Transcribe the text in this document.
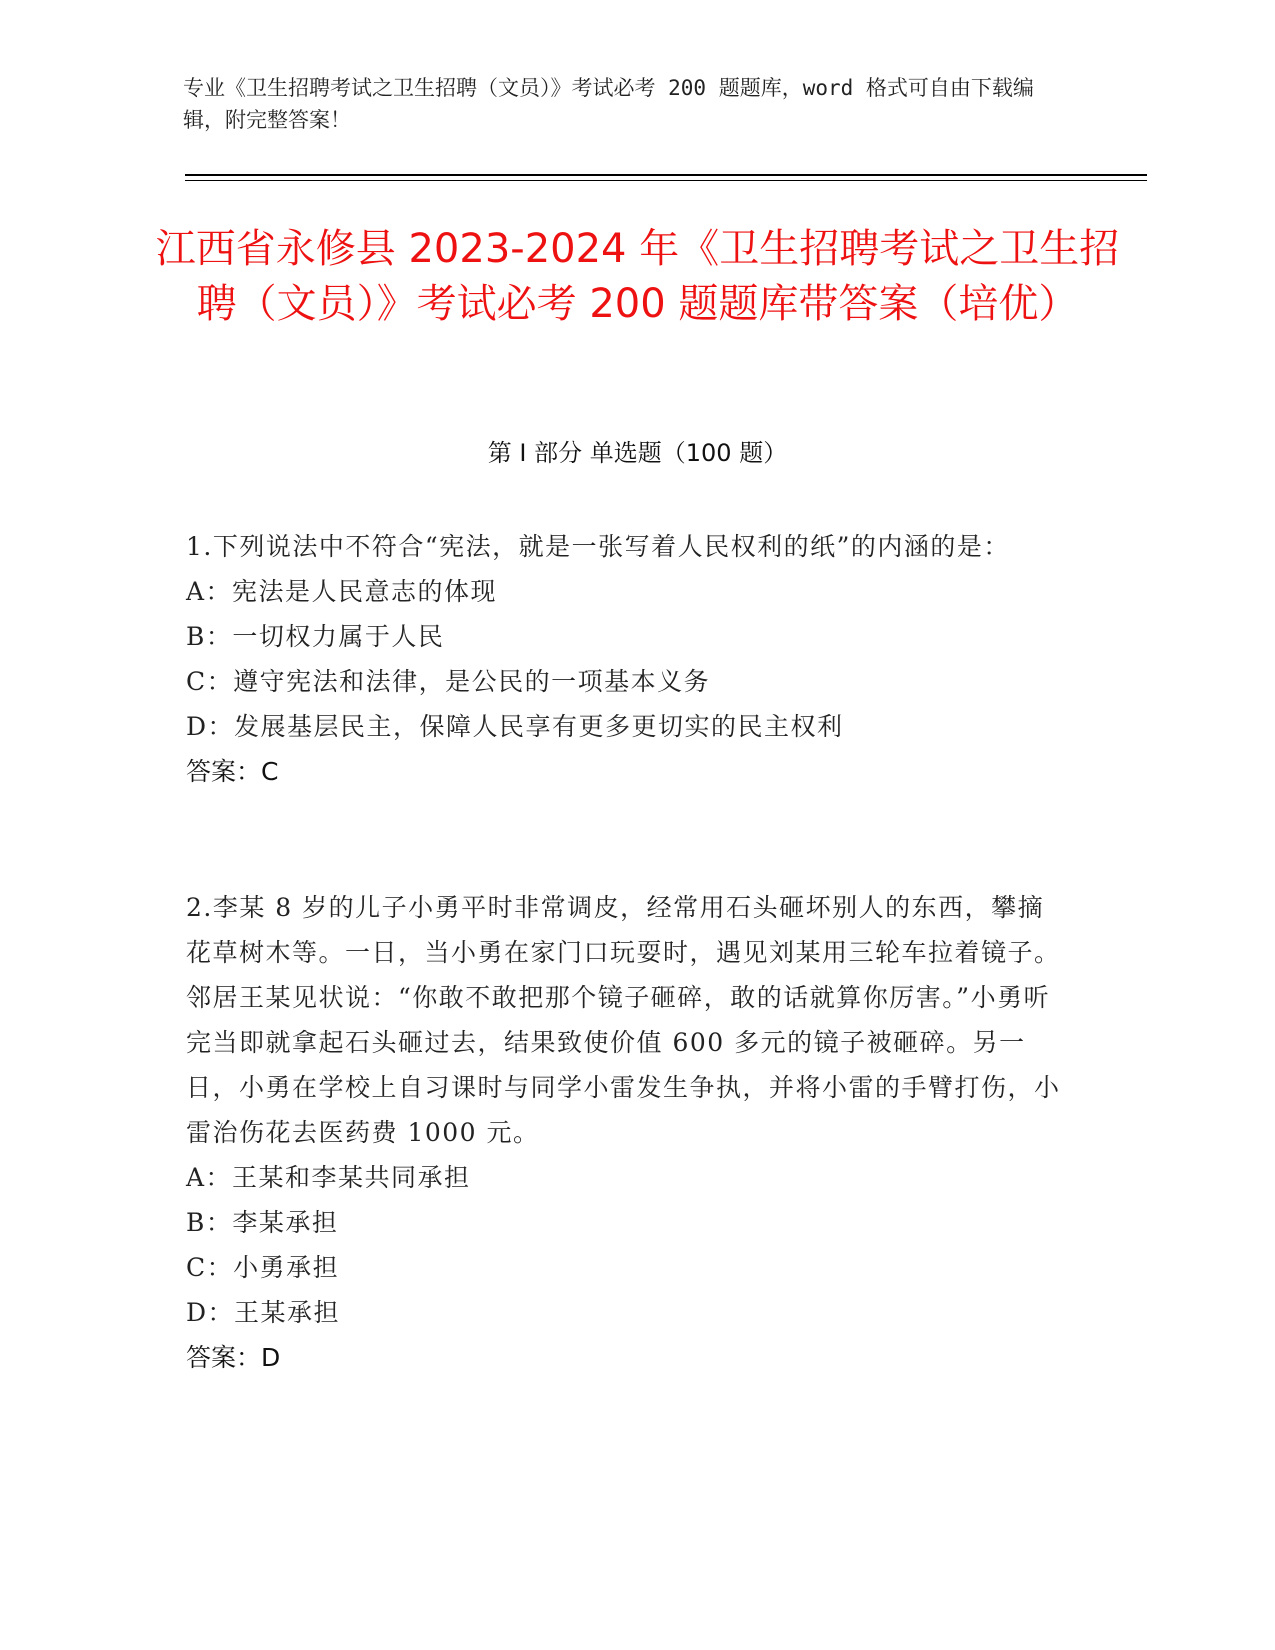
专业《卫生招聘考试之卫生招聘（文员）》考试必考 200 题题库，word 格式可自由下载编辑，附完整答案！
江西省永修县 2023-2024 年《卫生招聘考试之卫生招聘（文员）》考试必考 200 题题库带答案（培优）
第 I 部分 单选题（100 题）
1.下列说法中不符合“宪法，就是一张写着人民权利的纸”的内涵的是：
A：宪法是人民意志的体现
B：一切权力属于人民
C：遵守宪法和法律，是公民的一项基本义务
D：发展基层民主，保障人民享有更多更切实的民主权利
答案：C
2.李某 8 岁的儿子小勇平时非常调皮，经常用石头砸坏别人的东西，攀摘花草树木等。一日，当小勇在家门口玩耍时，遇见刘某用三轮车拉着镜子。邻居王某见状说：“你敢不敢把那个镜子砸碎，敢的话就算你厉害。”小勇听完当即就拿起石头砸过去，结果致使价值 600 多元的镜子被砸碎。另一日，小勇在学校上自习课时与同学小雷发生争执，并将小雷的手臂打伤，小雷治伤花去医药费 1000 元。
A：王某和李某共同承担
B：李某承担
C：小勇承担
D：王某承担
答案：D
